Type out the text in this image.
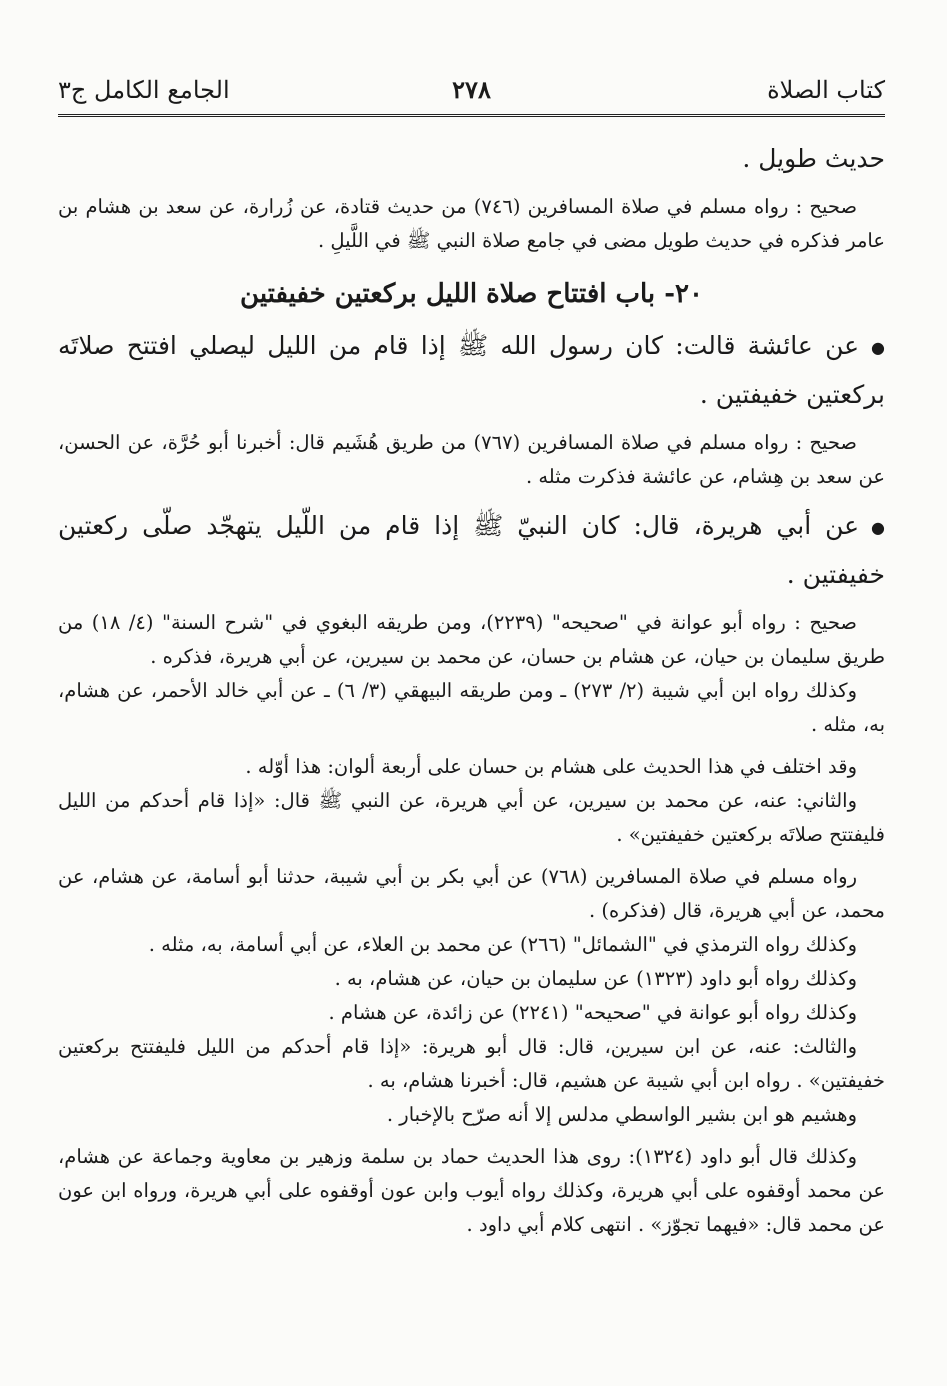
كتاب الصلاة
٢٧٨
الجامع الكامل ج٣

حديث طويل .

صحيح : رواه مسلم في صلاة المسافرين (٧٤٦) من حديث قتادة، عن زُرارة، عن سعد بن هشام بن عامر فذكره في حديث طويل مضى في جامع صلاة النبي ﷺ في اللَّيلِ .

٢٠- باب افتتاح صلاة الليل بركعتين خفيفتين

●عن عائشة قالت: كان رسول الله ﷺ إذا قام من الليل ليصلي افتتح صلاتَه بركعتين خفيفتين .

صحيح : رواه مسلم في صلاة المسافرين (٧٦٧) من طريق هُشَيم قال: أخبرنا أبو حُرَّة، عن الحسن، عن سعد بن هِشام، عن عائشة فذكرت مثله .

●عن أبي هريرة، قال: كان النبيّ ﷺ إذا قام من اللّيل يتهجّد صلّى ركعتين خفيفتين .

صحيح : رواه أبو عوانة في "صحيحه" (٢٢٣٩)، ومن طريقه البغوي في "شرح السنة" (٤/ ١٨) من طريق سليمان بن حيان، عن هشام بن حسان، عن محمد بن سيرين، عن أبي هريرة، فذكره .

وكذلك رواه ابن أبي شيبة (٢/ ٢٧٣) ـ ومن طريقه البيهقي (٣/ ٦) ـ عن أبي خالد الأحمر، عن هشام، به، مثله .

وقد اختلف في هذا الحديث على هشام بن حسان على أربعة ألوان: هذا أوّله .

والثاني: عنه، عن محمد بن سيرين، عن أبي هريرة، عن النبي ﷺ قال: «إذا قام أحدكم من الليل فليفتتح صلاتَه بركعتين خفيفتين» .

رواه مسلم في صلاة المسافرين (٧٦٨) عن أبي بكر بن أبي شيبة، حدثنا أبو أسامة، عن هشام، عن محمد، عن أبي هريرة، قال (فذكره) .

وكذلك رواه الترمذي في "الشمائل" (٢٦٦) عن محمد بن العلاء، عن أبي أسامة، به، مثله .

وكذلك رواه أبو داود (١٣٢٣) عن سليمان بن حيان، عن هشام، به .

وكذلك رواه أبو عوانة في "صحيحه" (٢٢٤١) عن زائدة، عن هشام .

والثالث: عنه، عن ابن سيرين، قال: قال أبو هريرة: «إذا قام أحدكم من الليل فليفتتح بركعتين خفيفتين» . رواه ابن أبي شيبة عن هشيم، قال: أخبرنا هشام، به .

وهشيم هو ابن بشير الواسطي مدلس إلا أنه صرّح بالإخبار .

وكذلك قال أبو داود (١٣٢٤): روى هذا الحديث حماد بن سلمة وزهير بن معاوية وجماعة عن هشام، عن محمد أوقفوه على أبي هريرة، وكذلك رواه أيوب وابن عون أوقفوه على أبي هريرة، ورواه ابن عون عن محمد قال: «فيهما تجوّز» . انتهى كلام أبي داود .
